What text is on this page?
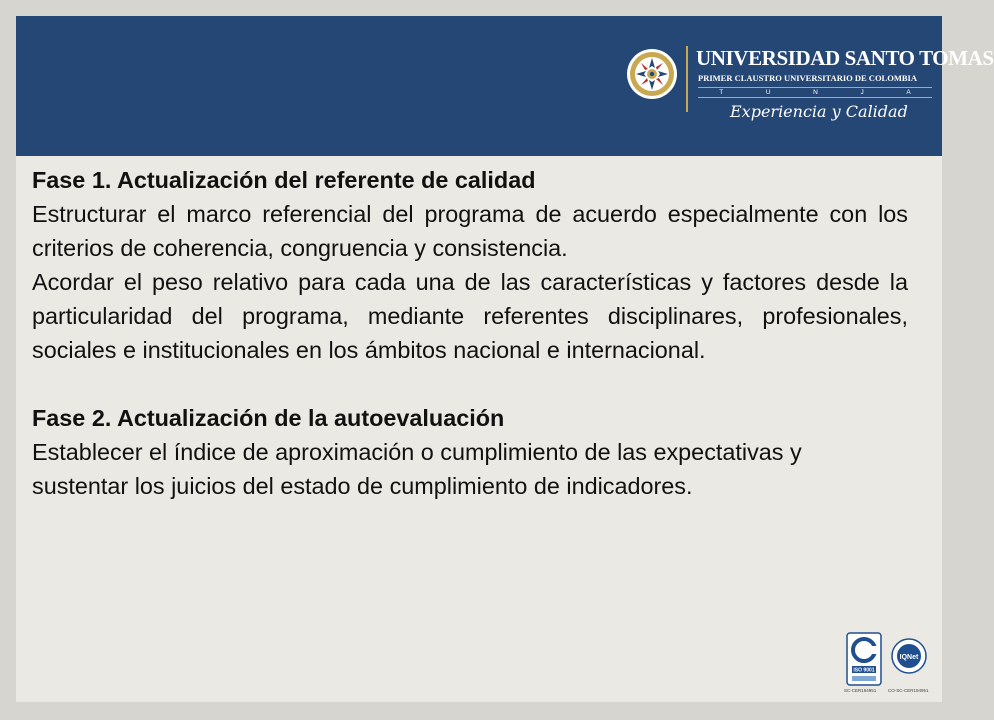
UNIVERSIDAD SANTO TOMAS
PRIMER CLAUSTRO UNIVERSITARIO DE COLOMBIA
T	U	N	J	A
Experiencia y Calidad

Fase 1. Actualización del referente de calidad

Estructurar el marco referencial del programa de acuerdo especialmente con los criterios de coherencia, congruencia y consistencia.

Acordar el peso relativo para cada una de las características y factores desde la particularidad del programa, mediante referentes disciplinares, profesionales, sociales e institucionales en los ámbitos nacional e internacional.

Fase 2. Actualización de la autoevaluación

Establecer el índice de aproximación o cumplimiento de las expectativas y sustentar los juicios del estado de cumplimiento de indicadores.

ISO 9001
IQNet
SC-CER194951	CO-SC-CER194951
